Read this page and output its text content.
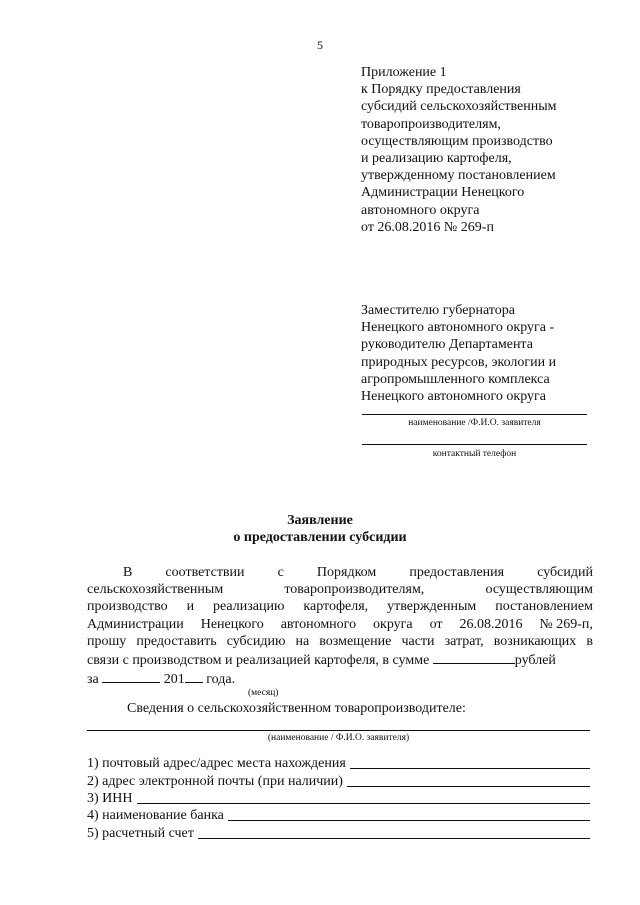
5
Приложение 1
к Порядку предоставления
субсидий сельскохозяйственным
товаропроизводителям,
осуществляющим производство
и реализацию картофеля,
утвержденному постановлением
Администрации Ненецкого
автономного округа
от 26.08.2016 № 269-п
Заместителю губернатора
Ненецкого автономного округа -
руководителю Департамента
природных ресурсов, экологии и
агропромышленного комплекса
Ненецкого автономного округа
наименование /Ф.И.О. заявителя
контактный телефон
Заявление
о предоставлении субсидии
В соответствии с Порядком предоставления субсидий
сельскохозяйственным	товаропроизводителям,	осуществляющим
производство и реализацию картофеля, утвержденным постановлением
Администрации Ненецкого автономного округа от 26.08.2016 № 269-п,
прошу предоставить субсидию на возмещение части затрат, возникающих в
связи с производством и реализацией картофеля, в сумме	рублей
за	201 года.
(месяц)
Сведения о сельскохозяйственном товаропроизводителе:
(наименование / Ф.И.О. заявителя)
1) почтовый адрес/адрес места нахождения
2) адрес электронной почты (при наличии)
3) ИНН
4) наименование банка
5) расчетный счет
